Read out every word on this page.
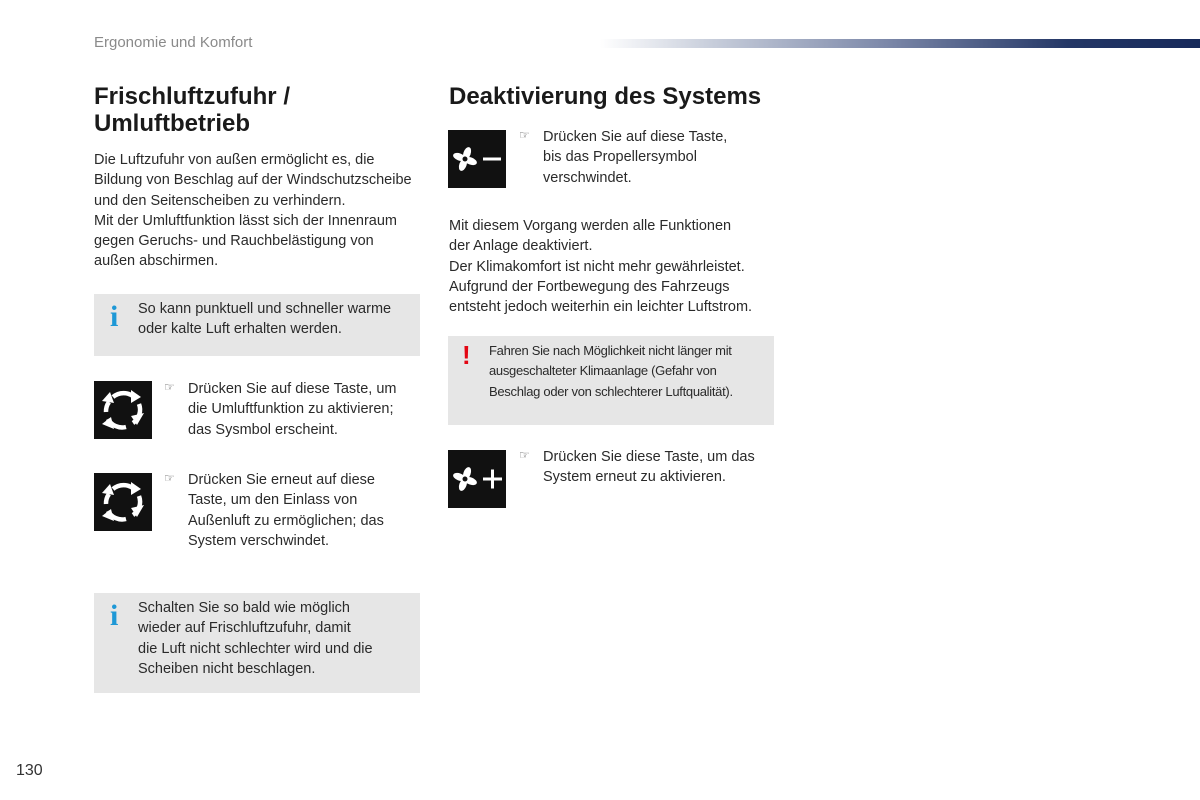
Ergonomie und Komfort
Frischluftzufuhr /
Umluftbetrieb
Die Luftzufuhr von außen ermöglicht es, die
Bildung von Beschlag auf der Windschutzscheibe
und den Seitenscheiben zu verhindern.
Mit der Umluftfunktion lässt sich der Innenraum
gegen Geruchs- und Rauchbelästigung von
außen abschirmen.
i So kann punktuell und schneller warme
oder kalte Luft erhalten werden.
☞ Drücken Sie auf diese Taste, um
die Umluftfunktion zu aktivieren;
das Sysmbol erscheint.
☞ Drücken Sie erneut auf diese
Taste, um den Einlass von
Außenluft zu ermöglichen; das
System verschwindet.
i Schalten Sie so bald wie möglich
wieder auf Frischluftzufuhr, damit
die Luft nicht schlechter wird und die
Scheiben nicht beschlagen.
Deaktivierung des Systems
☞ Drücken Sie auf diese Taste,
bis das Propellersymbol
verschwindet.
Mit diesem Vorgang werden alle Funktionen
der Anlage deaktiviert.
Der Klimakomfort ist nicht mehr gewährleistet.
Aufgrund der Fortbewegung des Fahrzeugs
entsteht jedoch weiterhin ein leichter Luftstrom.
! Fahren Sie nach Möglichkeit nicht länger mit
ausgeschalteter Klimaanlage (Gefahr von
Beschlag oder von schlechterer Luftqualität).
☞ Drücken Sie diese Taste, um das
System erneut zu aktivieren.
130
